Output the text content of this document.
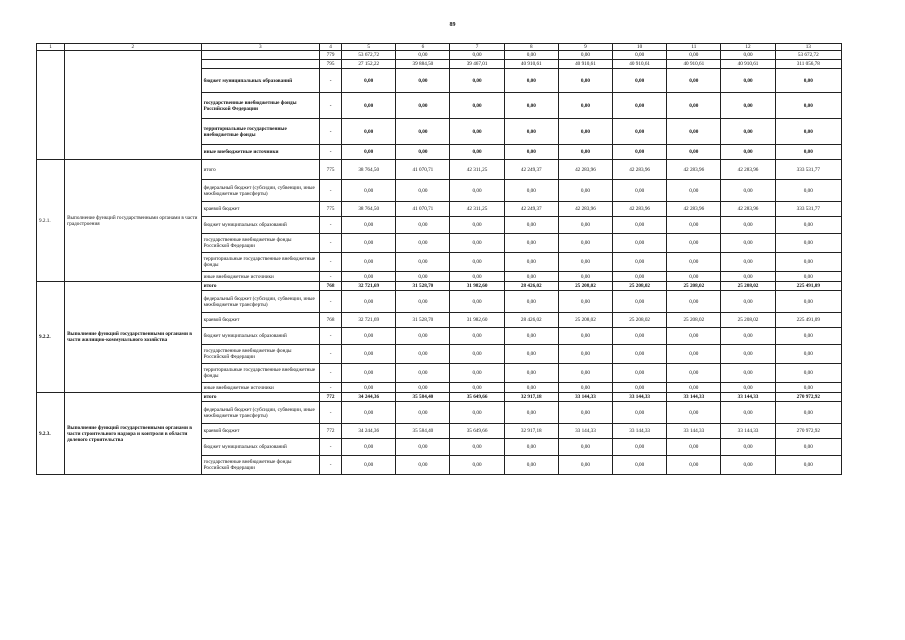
89
1	2	3	4	5	6	7	8	9	10	11	12	13
			779	53 672,72	0,00	0,00	0,00	0,00	0,00	0,00	0,00	53 672,72
			795	27 152,22	39 884,50	39 467,01	40 910,61	40 910,61	40 910,61	40 910,61	40 910,61	311 056,78
		бюджет муниципальных образований	-	0,00	0,00	0,00	0,00	0,00	0,00	0,00	0,00	0,00
		государственные внебюджетные фонды Российской Федерации	-	0,00	0,00	0,00	0,00	0,00	0,00	0,00	0,00	0,00
		территориальные государственные внебюджетные фонды	-	0,00	0,00	0,00	0,00	0,00	0,00	0,00	0,00	0,00
		иные внебюджетные источники	-	0,00	0,00	0,00	0,00	0,00	0,00	0,00	0,00	0,00
9.2.1.	Выполнение функций государственными органами в части градостроения	итого	775	38 764,50	41 070,71	42 311,25	42 249,37	42 283,96	42 283,96	42 283,96	42 283,96	333 531,77
		федеральный бюджет (субсидии, субвенции, иные межбюджетные трансферты)	-	0,00	0,00	0,00	0,00	0,00	0,00	0,00	0,00	0,00
		краевой бюджет	775	38 764,50	41 070,71	42 311,25	42 249,37	42 283,96	42 283,96	42 283,96	42 283,96	333 531,77
		бюджет муниципальных образований	-	0,00	0,00	0,00	0,00	0,00	0,00	0,00	0,00	0,00
		государственные внебюджетные фонды Российской Федерации	-	0,00	0,00	0,00	0,00	0,00	0,00	0,00	0,00	0,00
		территориальные государственные внебюджетные фонды	-	0,00	0,00	0,00	0,00	0,00	0,00	0,00	0,00	0,00
		иные внебюджетные источники	-	0,00	0,00	0,00	0,00	0,00	0,00	0,00	0,00	0,00
9.2.2.	Выполнение функций государственными органами в части жилищно-коммунального хозяйства	итого	768	32 721,69	31 528,70	31 982,60	28 426,02	25 208,02	25 208,02	25 208,02	25 208,02	225 491,09
		федеральный бюджет (субсидии, субвенции, иные межбюджетные трансферты)	-	0,00	0,00	0,00	0,00	0,00	0,00	0,00	0,00	0,00
		краевой бюджет	768	32 721,69	31 528,70	31 982,60	28 426,02	25 208,02	25 208,02	25 208,02	25 208,02	225 491,09
		бюджет муниципальных образований	-	0,00	0,00	0,00	0,00	0,00	0,00	0,00	0,00	0,00
		государственные внебюджетные фонды Российской Федерации	-	0,00	0,00	0,00	0,00	0,00	0,00	0,00	0,00	0,00
		территориальные государственные внебюджетные фонды	-	0,00	0,00	0,00	0,00	0,00	0,00	0,00	0,00	0,00
		иные внебюджетные источники	-	0,00	0,00	0,00	0,00	0,00	0,00	0,00	0,00	0,00
9.2.3.	Выполнение функций государственными органами в части строительного надзора и контроля в области долевого строительства	итого	772	34 244,36	35 584,40	35 649,66	32 917,18	33 144,33	33 144,33	33 144,33	33 144,33	270 972,92
		федеральный бюджет (субсидии, субвенции, иные межбюджетные трансферты)	-	0,00	0,00	0,00	0,00	0,00	0,00	0,00	0,00	0,00
		краевой бюджет	772	34 244,36	35 584,40	35 649,66	32 917,18	33 144,33	33 144,33	33 144,33	33 144,33	270 972,92
		бюджет муниципальных образований	-	0,00	0,00	0,00	0,00	0,00	0,00	0,00	0,00	0,00
		государственные внебюджетные фонды Российской Федерации	-	0,00	0,00	0,00	0,00	0,00	0,00	0,00	0,00	0,00
